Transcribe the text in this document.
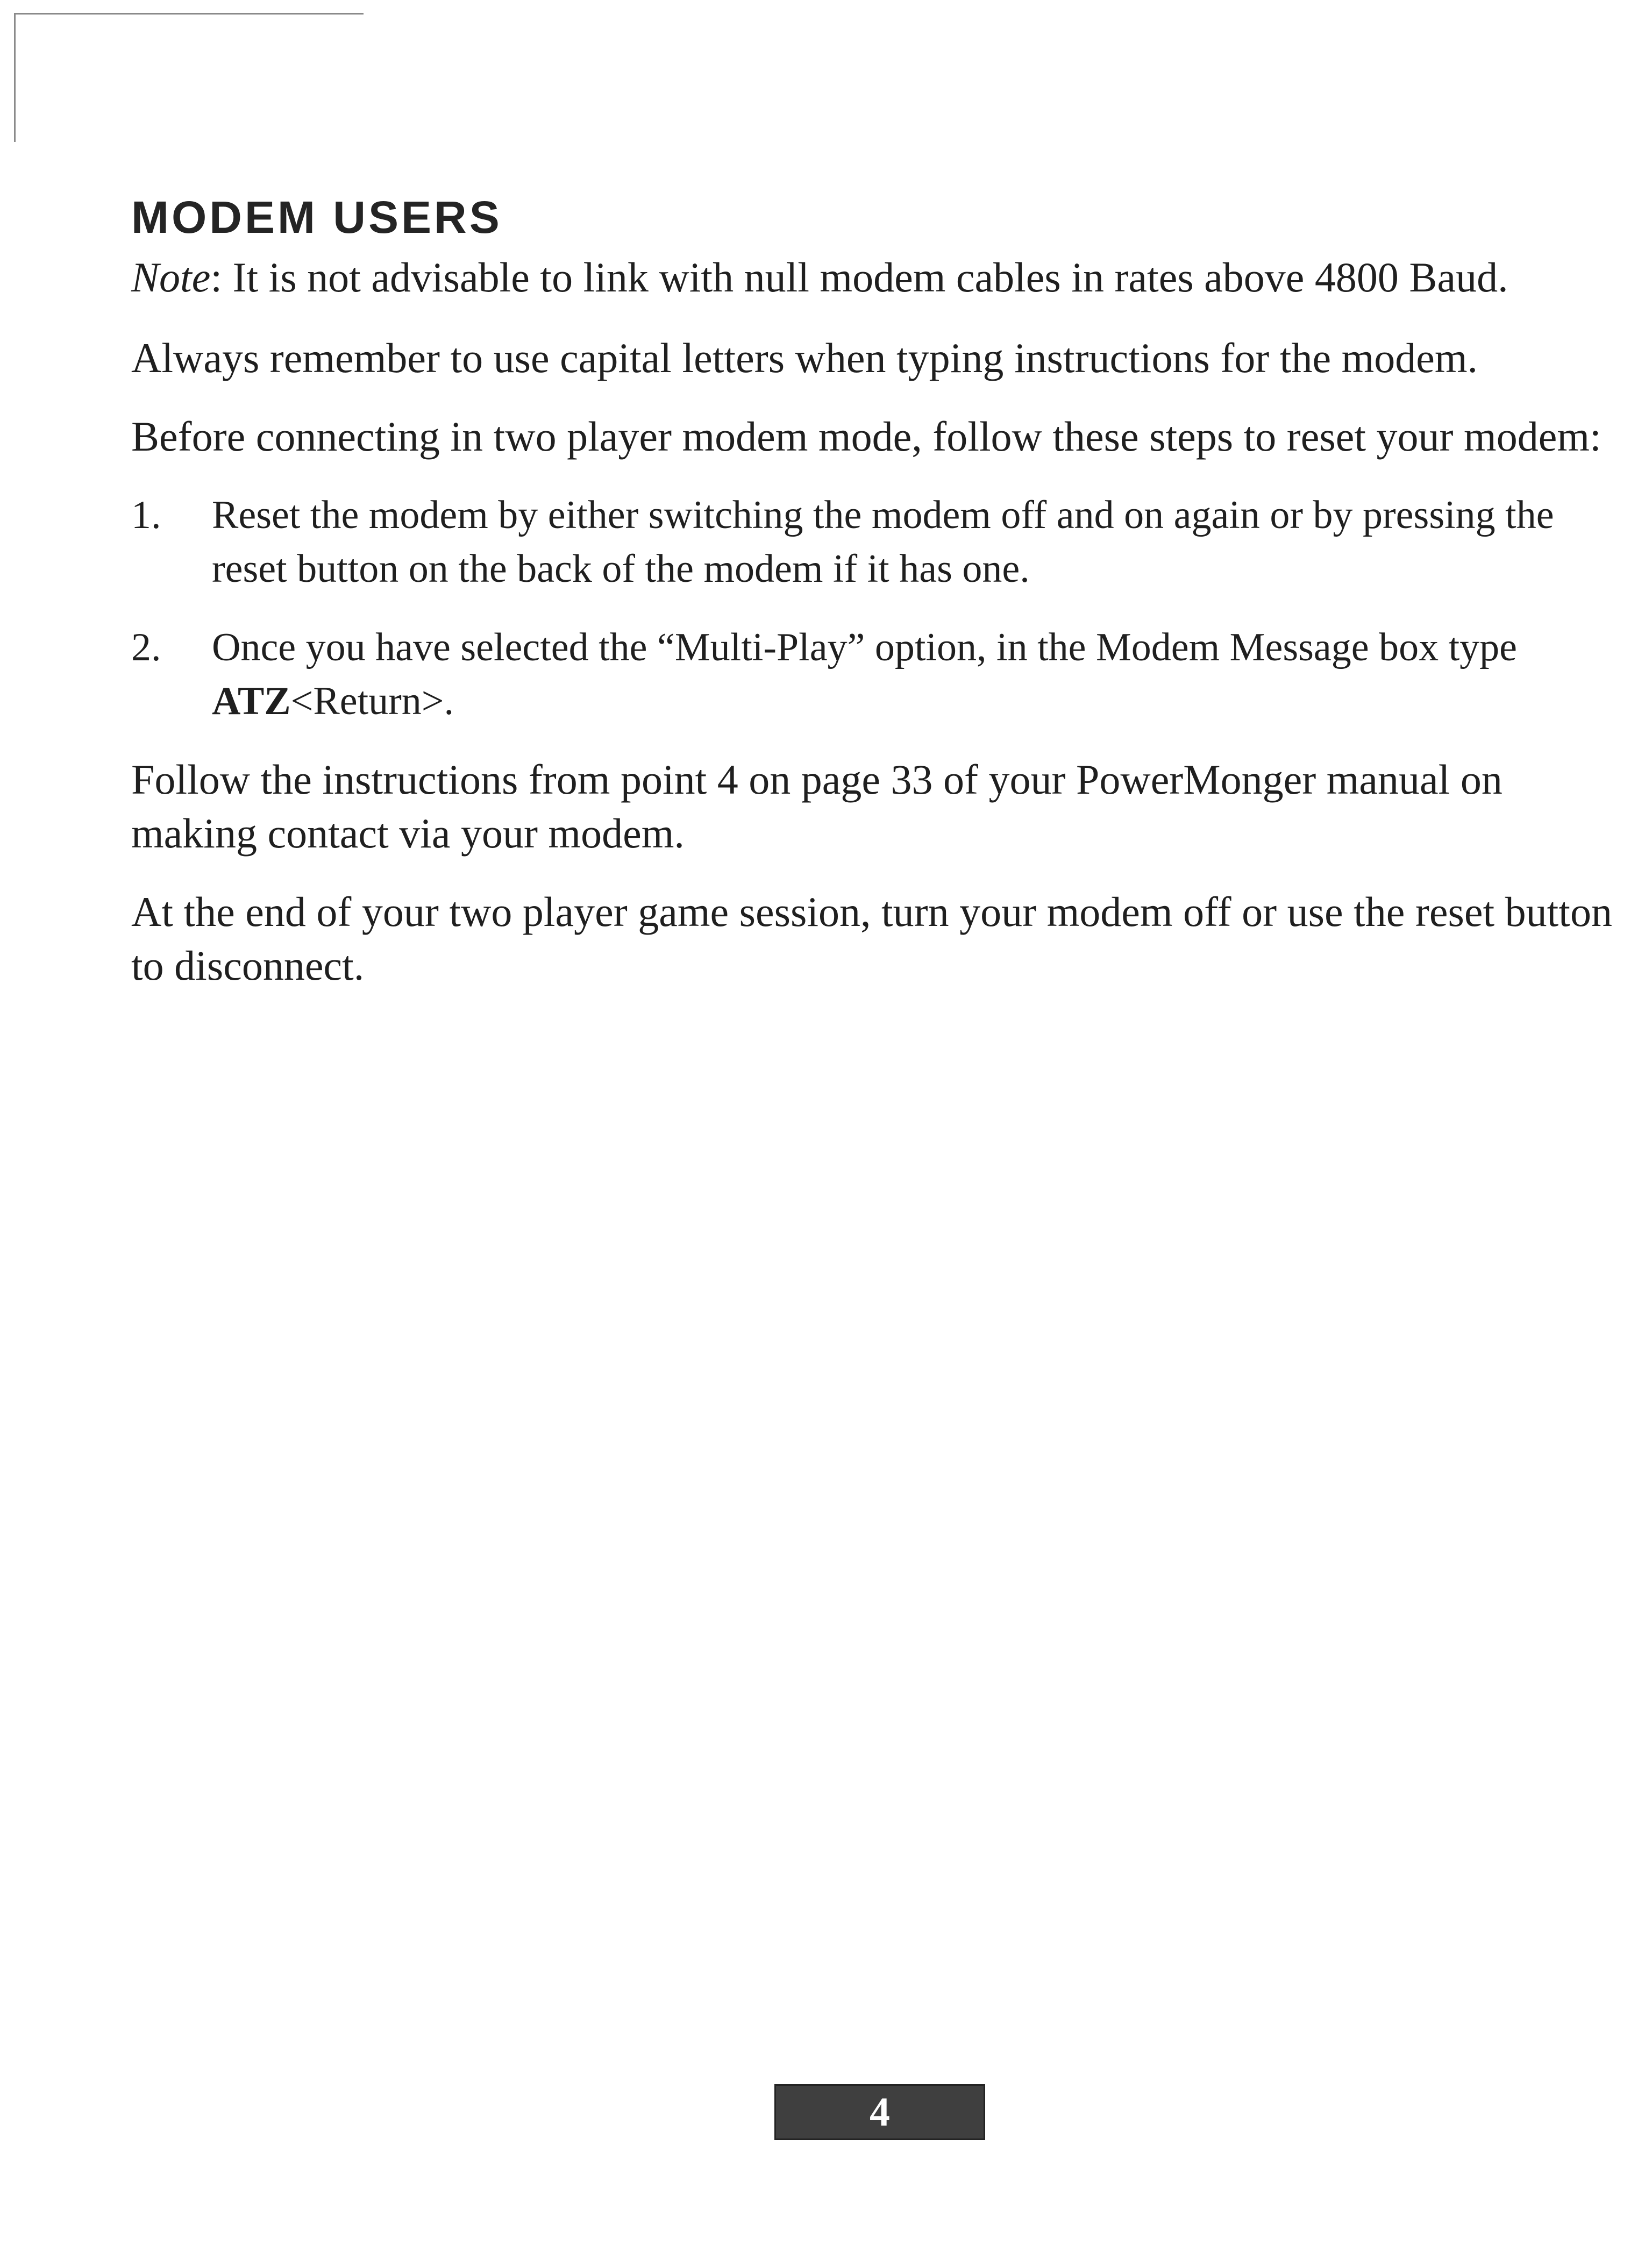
MODEM USERS

Note: It is not advisable to link with null modem cables in rates above 4800 Baud.

Always remember to use capital letters when typing instructions for the modem.

Before connecting in two player modem mode, follow these steps to reset your modem:

1.	Reset the modem by either switching the modem off and on again or by pressing the reset button on the back of the modem if it has one.
2.	Once you have selected the “Multi-Play” option, in the Modem Message box type ATZ<Return>.

Follow the instructions from point 4 on page 33 of your PowerMonger manual on making contact via your modem.

At the end of your two player game session, turn your modem off or use the reset button to disconnect.

4
